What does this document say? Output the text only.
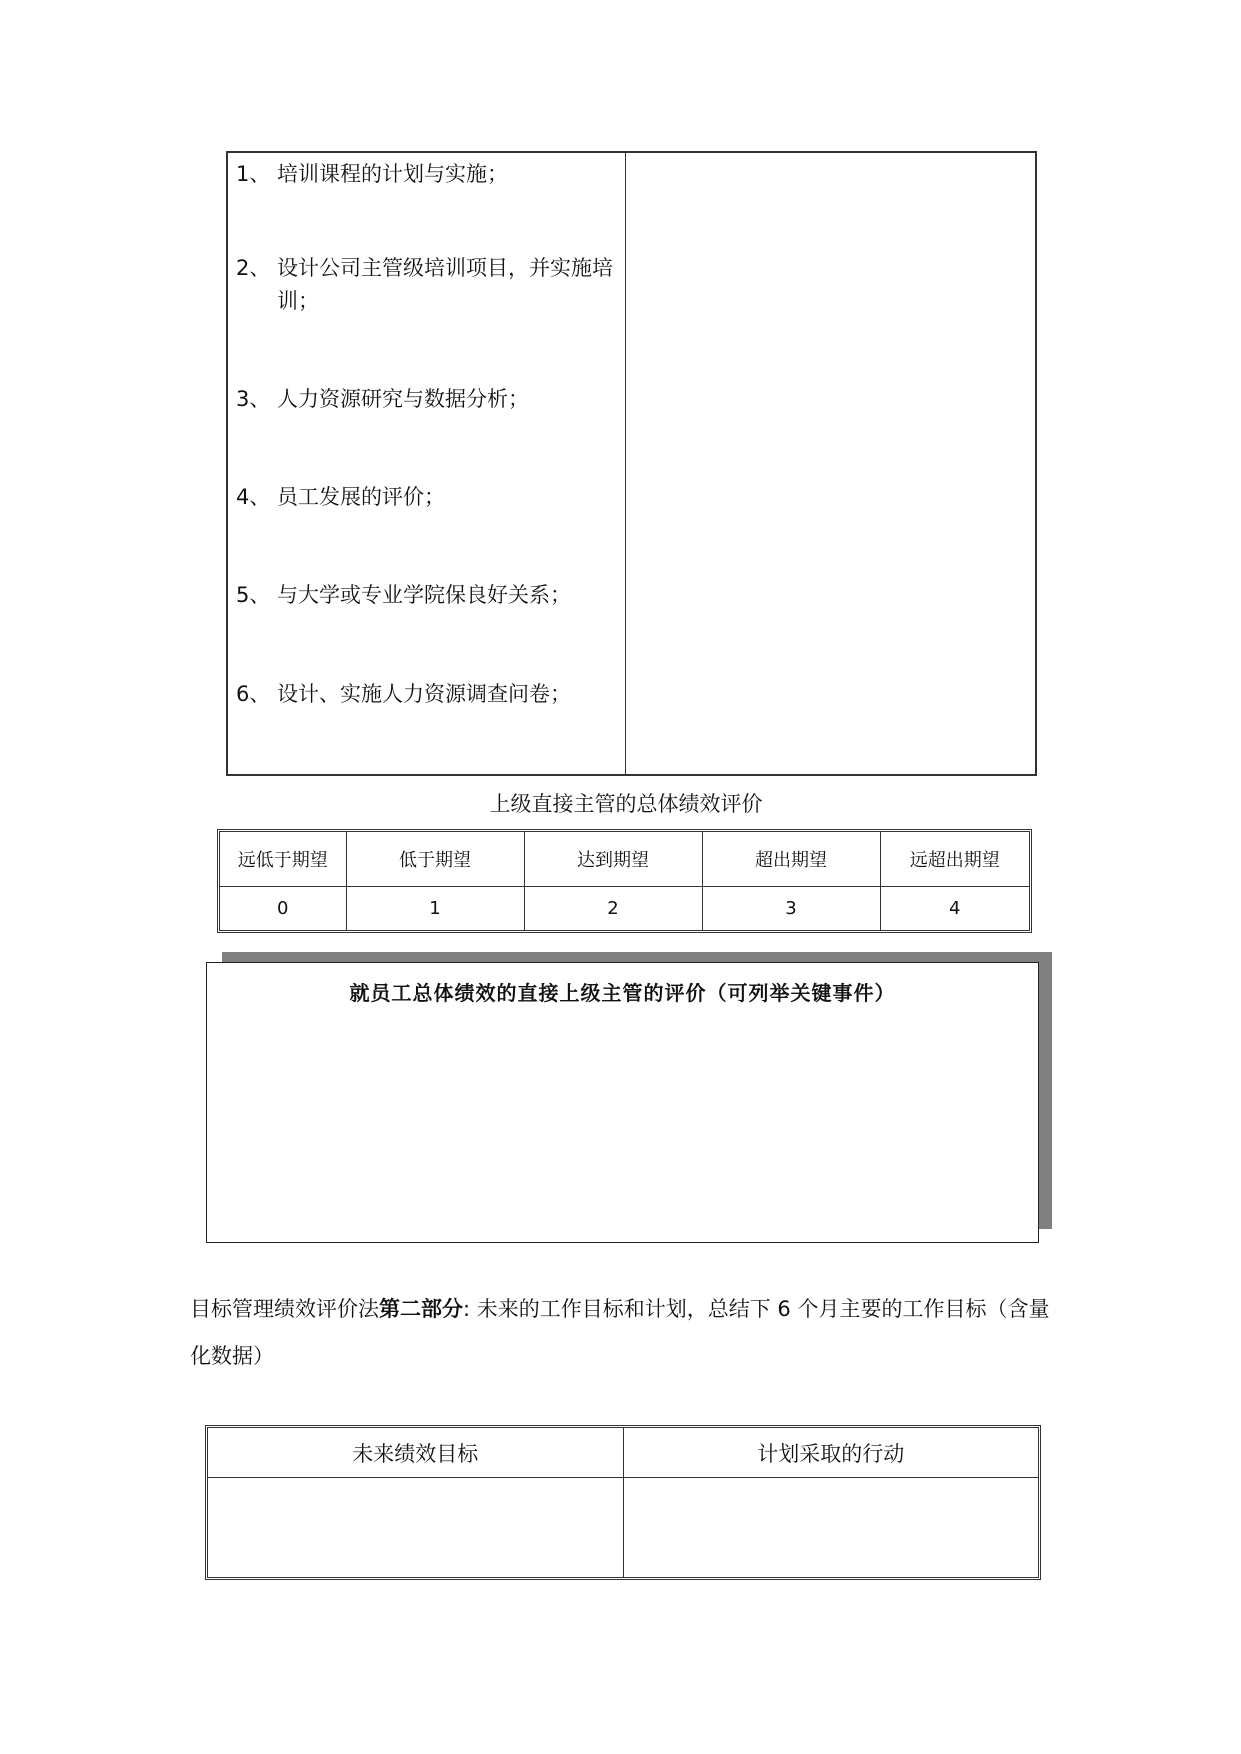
1、 培训课程的计划与实施；
2、 设计公司主管级培训项目，并实施培训；
3、 人力资源研究与数据分析；
4、 员工发展的评价；
5、 与大学或专业学院保良好关系；
6、 设计、实施人力资源调查问卷；
上级直接主管的总体绩效评价
远低于期望	低于期望	达到期望	超出期望	远超出期望
0	1	2	3	4
就员工总体绩效的直接上级主管的评价（可列举关键事件）
目标管理绩效评价法第二部分: 未来的工作目标和计划，总结下 6 个月主要的工作目标（含量化数据）
未来绩效目标	计划采取的行动
